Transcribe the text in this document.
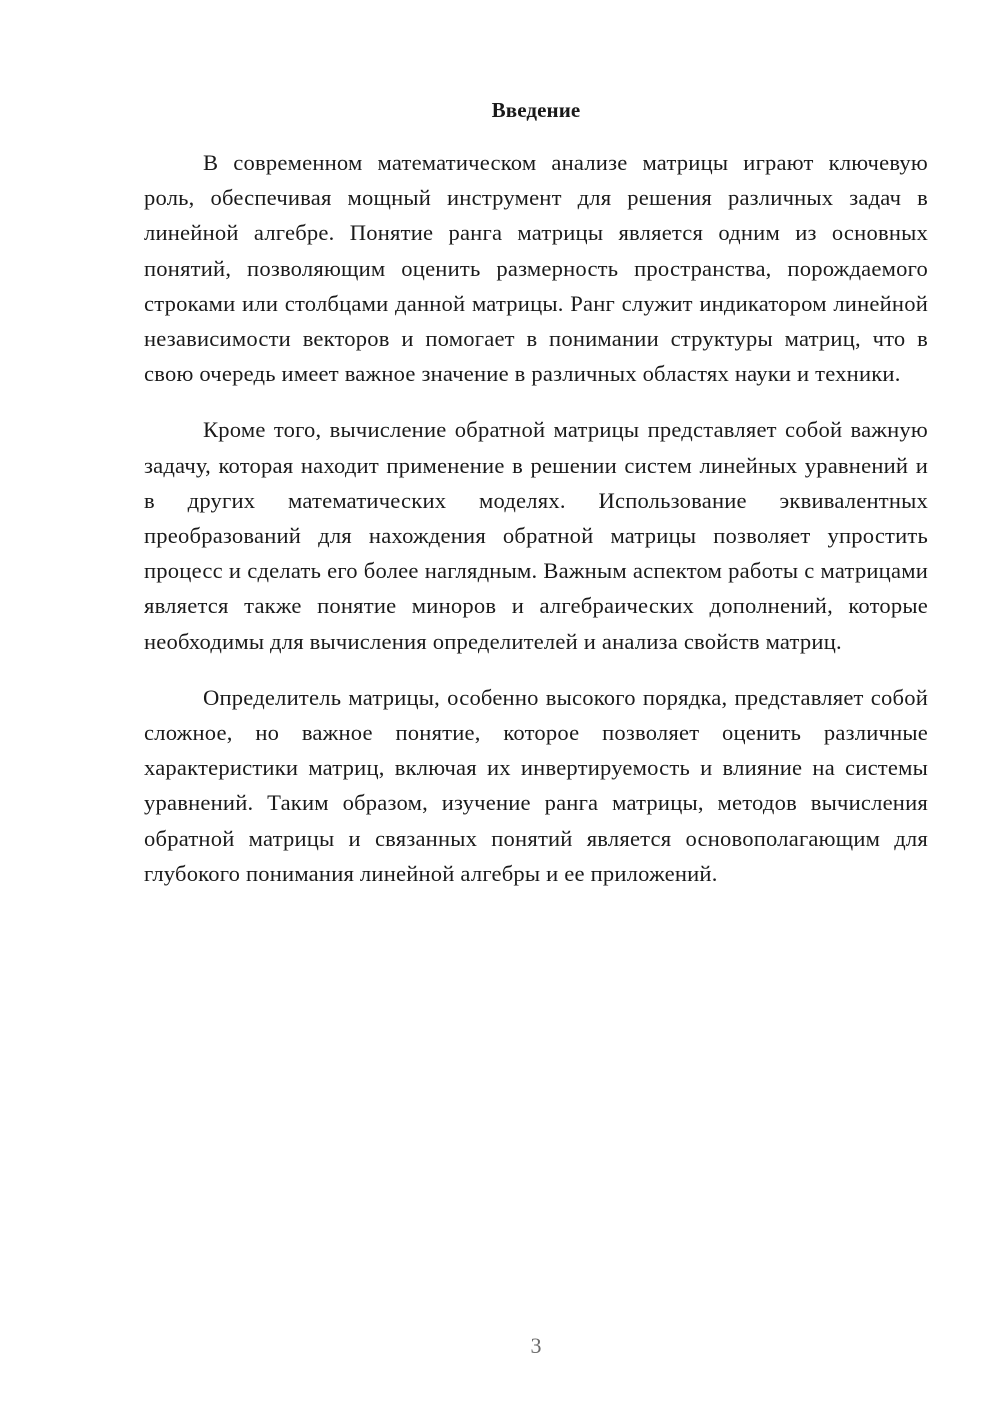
Введение

В современном математическом анализе матрицы играют ключевую роль, обеспечивая мощный инструмент для решения различных задач в линейной алгебре. Понятие ранга матрицы является одним из основных понятий, позволяющим оценить размерность пространства, порождаемого строками или столбцами данной матрицы. Ранг служит индикатором линейной независимости векторов и помогает в понимании структуры матриц, что в свою очередь имеет важное значение в различных областях науки и техники.

Кроме того, вычисление обратной матрицы представляет собой важную задачу, которая находит применение в решении систем линейных уравнений и в других математических моделях. Использование эквивалентных преобразований для нахождения обратной матрицы позволяет упростить процесс и сделать его более наглядным. Важным аспектом работы с матрицами является также понятие миноров и алгебраических дополнений, которые необходимы для вычисления определителей и анализа свойств матриц.

Определитель матрицы, особенно высокого порядка, представляет собой сложное, но важное понятие, которое позволяет оценить различные характеристики матриц, включая их инвертируемость и влияние на системы уравнений. Таким образом, изучение ранга матрицы, методов вычисления обратной матрицы и связанных понятий является основополагающим для глубокого понимания линейной алгебры и ее приложений.

3
